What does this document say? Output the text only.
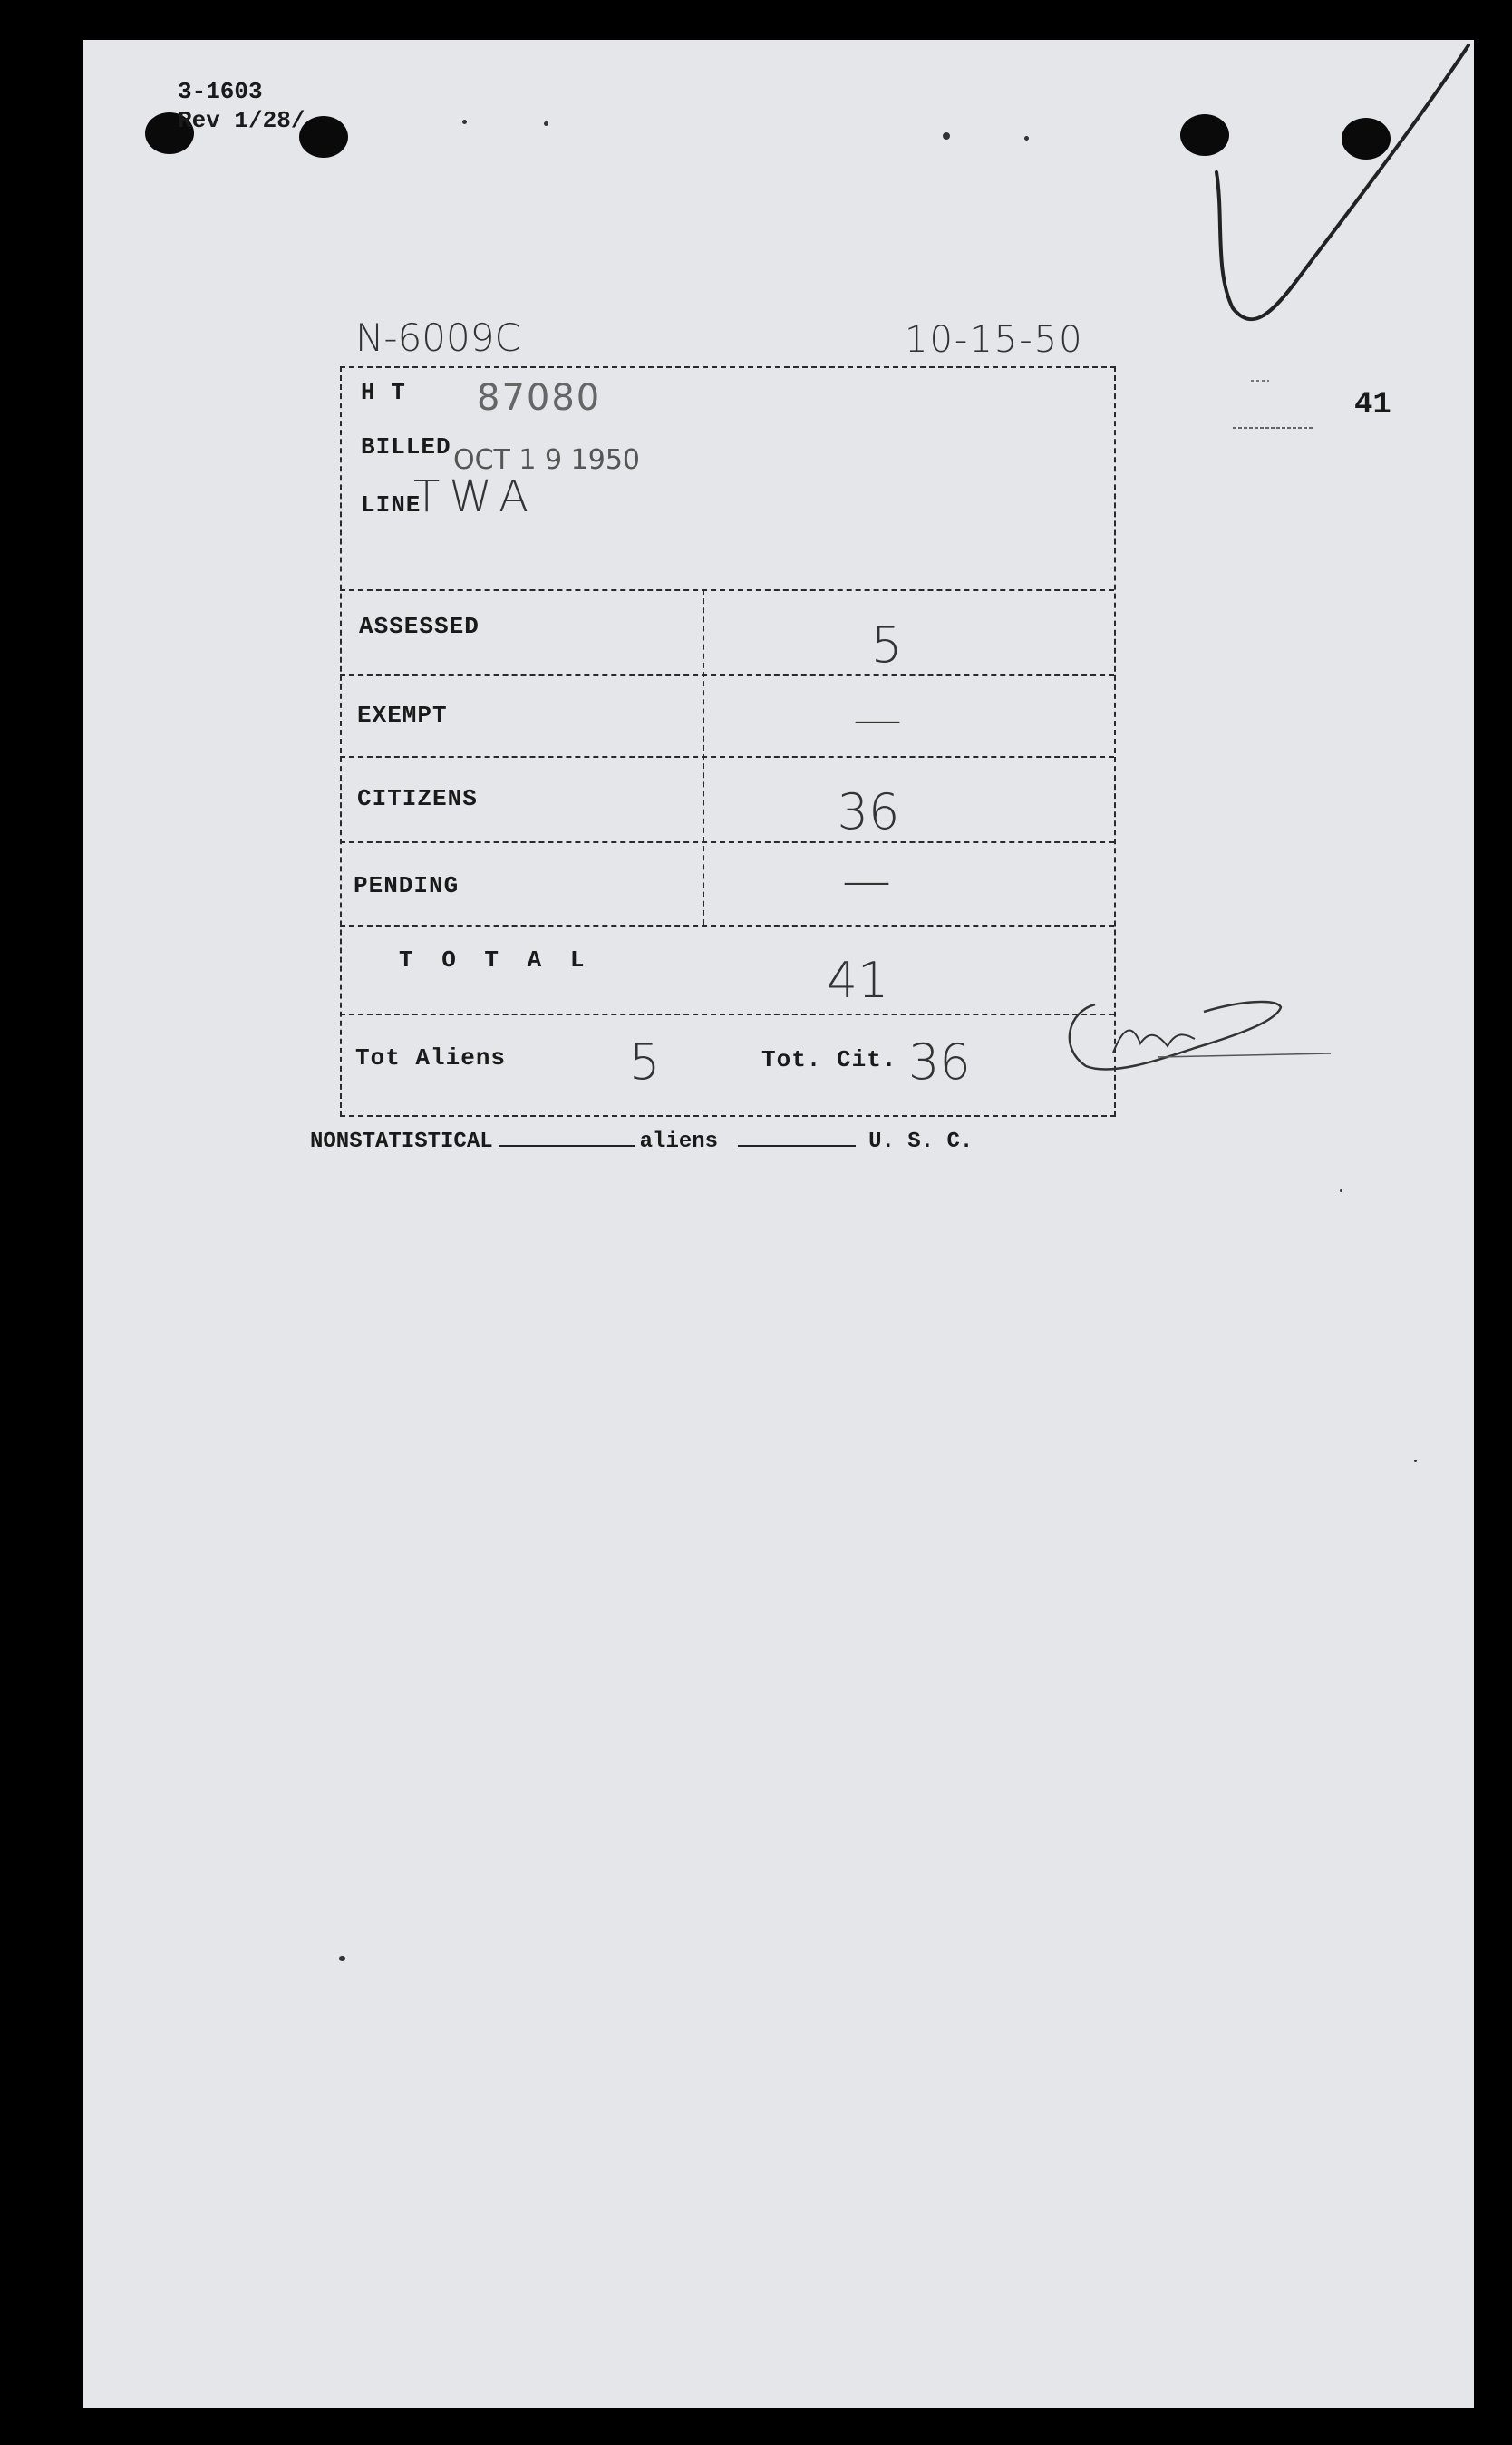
3-1603
Rev 1/28/
N-6009C	10-15-50
41
H T 87080
BILLED OCT 1 9 1950
LINE
TWA
ASSESSED	5
EXEMPT	—
CITIZENS	36
PENDING	—
T O T A L	41
Tot Aliens	5	Tot. Cit. 36
NONSTATISTICAL	aliens	U. S. C.
